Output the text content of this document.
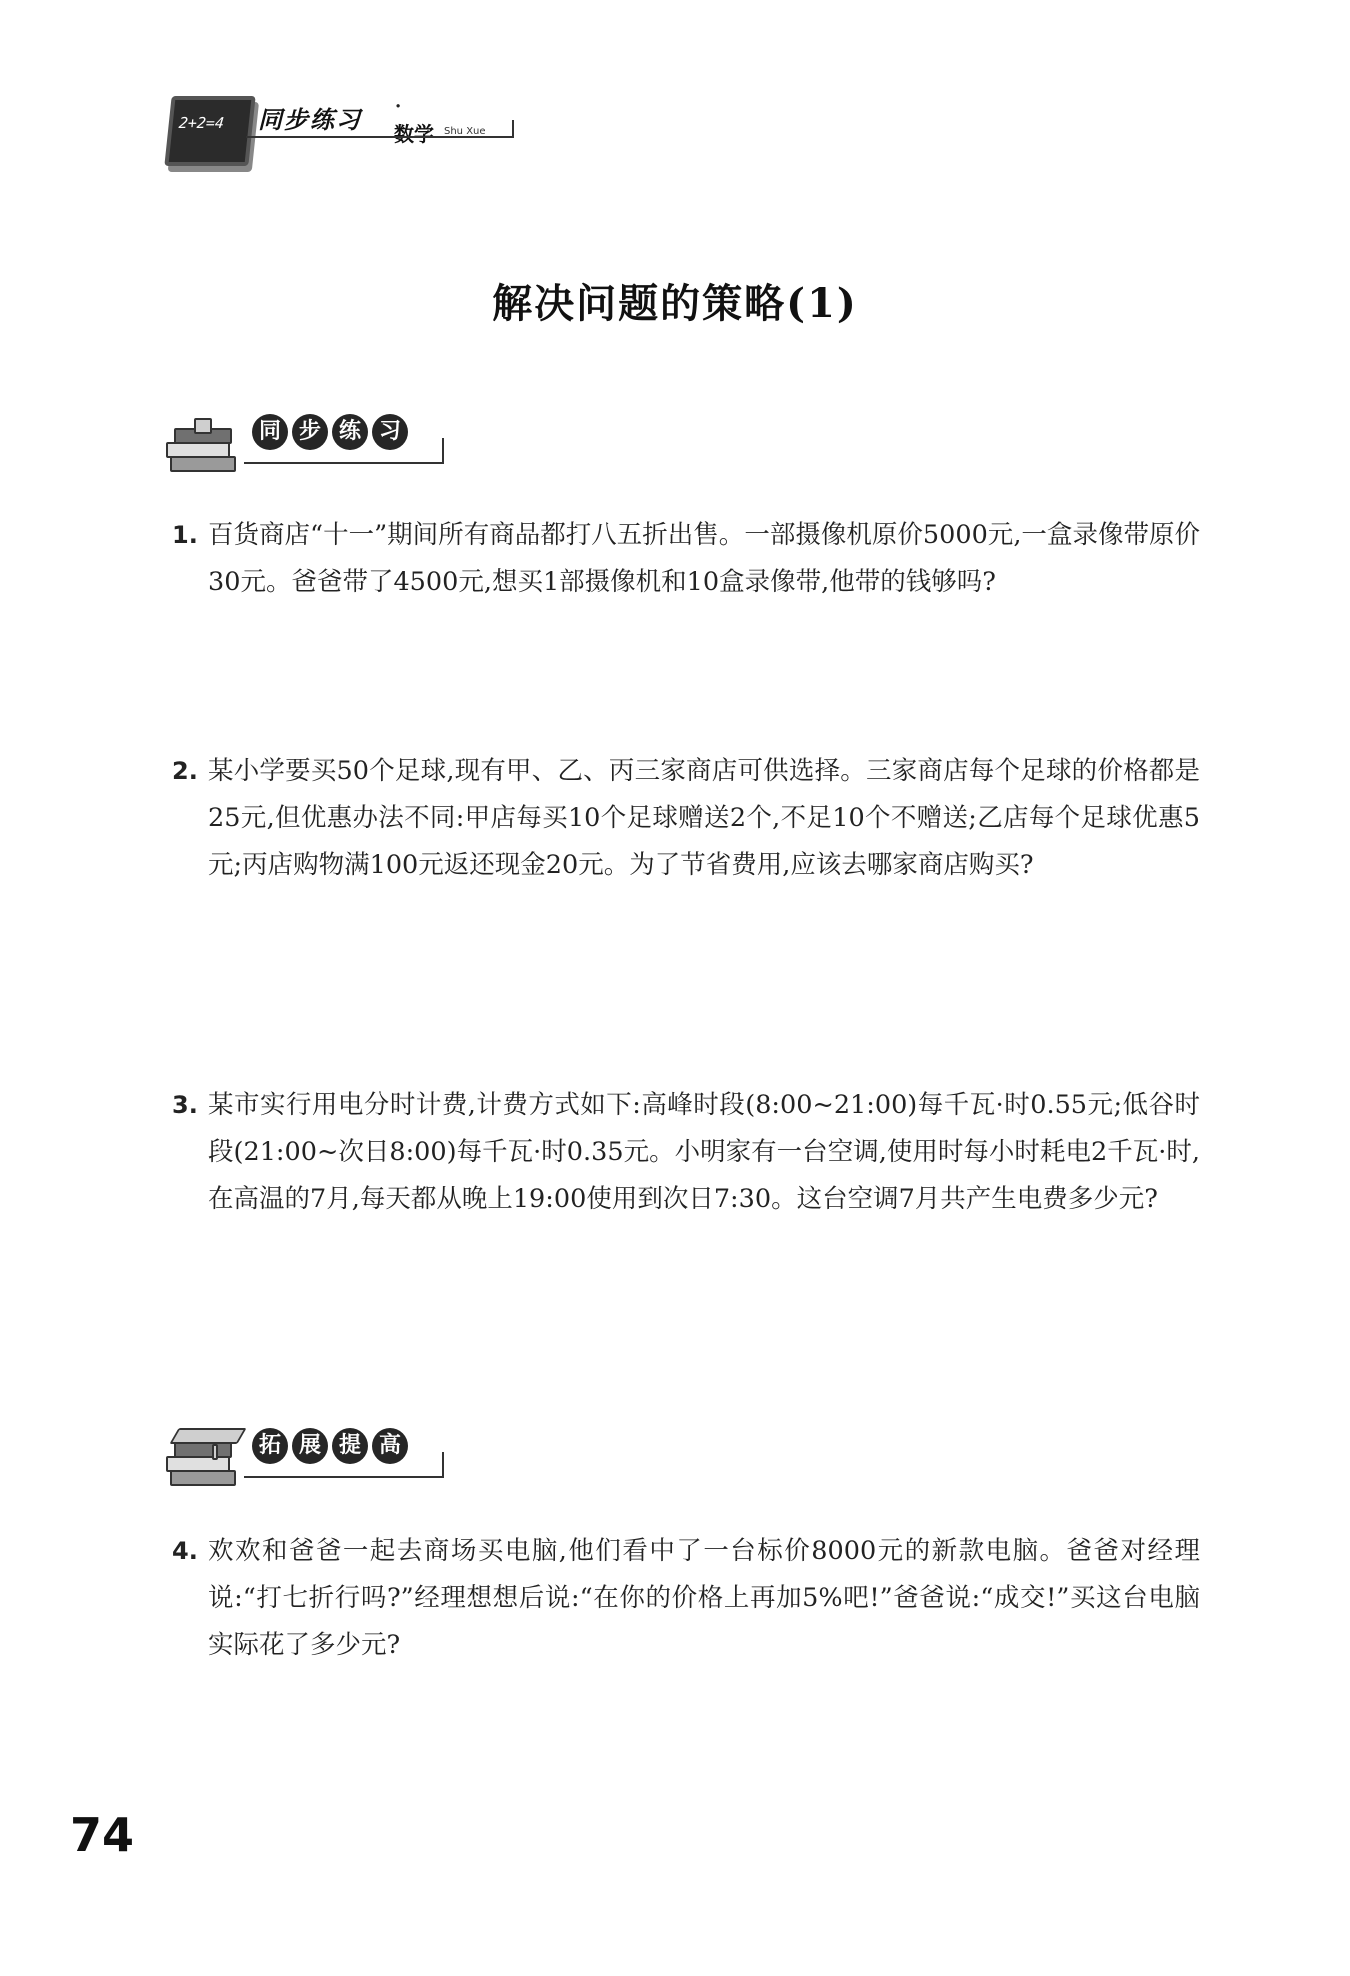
2+2=4 同步练习 ·
数学 Shu Xue
解决问题的策略(1)
同 步 练 习
1. 百货商店“十一”期间所有商品都打八五折出售。一部摄像机原价5000元,一盒录像带原价30元。爸爸带了4500元,想买1部摄像机和10盒录像带,他带的钱够吗?
2. 某小学要买50个足球,现有甲、乙、丙三家商店可供选择。三家商店每个足球的价格都是25元,但优惠办法不同:甲店每买10个足球赠送2个,不足10个不赠送;乙店每个足球优惠5元;丙店购物满100元返还现金20元。为了节省费用,应该去哪家商店购买?
3. 某市实行用电分时计费,计费方式如下:高峰时段(8:00~21:00)每千瓦·时0.55元;低谷时段(21:00~次日8:00)每千瓦·时0.35元。小明家有一台空调,使用时每小时耗电2千瓦·时,在高温的7月,每天都从晚上19:00使用到次日7:30。这台空调7月共产生电费多少元?
拓 展 提 高
4. 欢欢和爸爸一起去商场买电脑,他们看中了一台标价8000元的新款电脑。爸爸对经理说:“打七折行吗?”经理想想后说:“在你的价格上再加5%吧!”爸爸说:“成交!”买这台电脑实际花了多少元?
74
